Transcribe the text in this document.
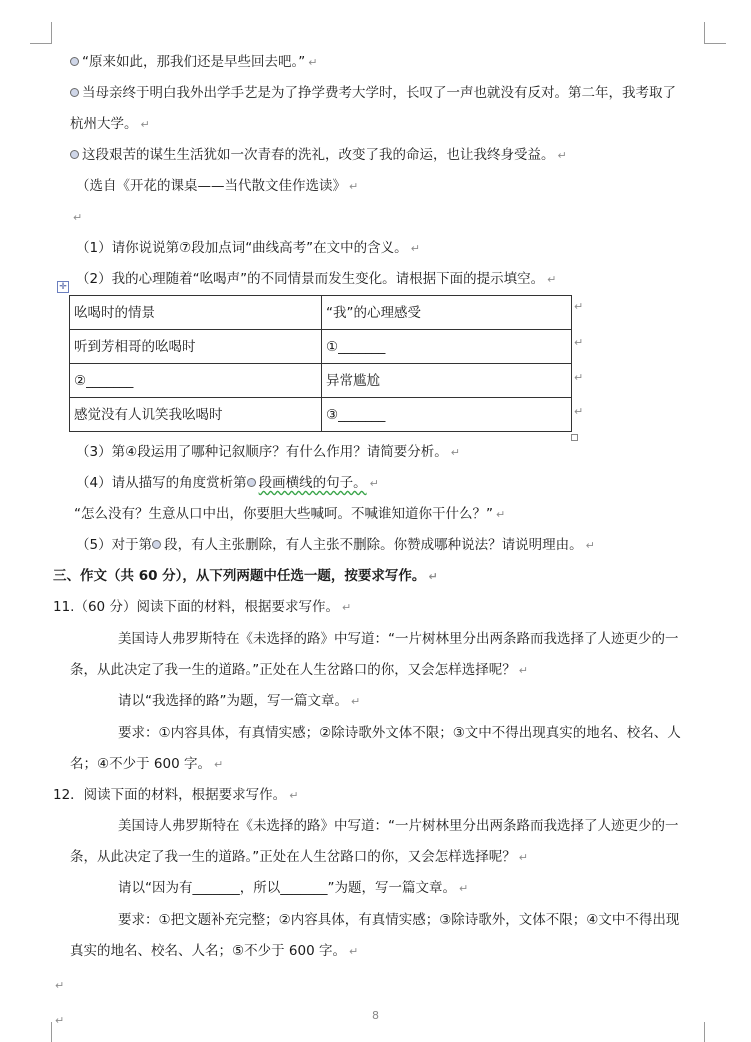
“原来如此，那我们还是早些回去吧。” ↵
当母亲终于明白我外出学手艺是为了挣学费考大学时，长叹了一声也就没有反对。第二年，我考取了
杭州大学。 ↵
这段艰苦的谋生生活犹如一次青春的洗礼，改变了我的命运，也让我终身受益。 ↵
（选自《开花的课桌——当代散文佳作选读》 ↵
↵
（1）请你说说第⑦段加点词“曲线高考”在文中的含义。 ↵
（2）我的心理随着“吆喝声”的不同情景而发生变化。请根据下面的提示填空。 ↵
✛
吆喝时的情景	“我”的心理感受
听到芳相哥的吆喝时	①_______
②_______	异常尴尬
感觉没有人讥笑我吆喝时	③_______
↵
↵
↵
↵
（3）第④段运用了哪种记叙顺序？有什么作用？请简要分析。 ↵
（4）请从描写的角度赏析第 段画横线的句子。 ↵
“怎么没有？生意从口中出，你要胆大些喊呵。不喊谁知道你干什么？” ↵
（5）对于第 段，有人主张删除，有人主张不删除。你赞成哪种说法？请说明理由。 ↵
三、作文（共 60 分），从下列两题中任选一题，按要求写作。 ↵
11.（60 分）阅读下面的材料，根据要求写作。 ↵
美国诗人弗罗斯特在《未选择的路》中写道：“一片树林里分出两条路而我选择了人迹更少的一
条，从此决定了我一生的道路。”正处在人生岔路口的你，又会怎样选择呢？ ↵
请以“我选择的路”为题，写一篇文章。 ↵
要求：①内容具体，有真情实感；②除诗歌外文体不限；③文中不得出现真实的地名、校名、人
名；④不少于 600 字。 ↵
12．阅读下面的材料，根据要求写作。 ↵
美国诗人弗罗斯特在《未选择的路》中写道：“一片树林里分出两条路而我选择了人迹更少的一
条，从此决定了我一生的道路。”正处在人生岔路口的你，又会怎样选择呢？ ↵
请以“因为有_______，所以_______”为题，写一篇文章。 ↵
要求：①把文题补充完整；②内容具体，有真情实感；③除诗歌外，文体不限；④文中不得出现
真实的地名、校名、人名；⑤不少于 600 字。 ↵
↵
↵	8
